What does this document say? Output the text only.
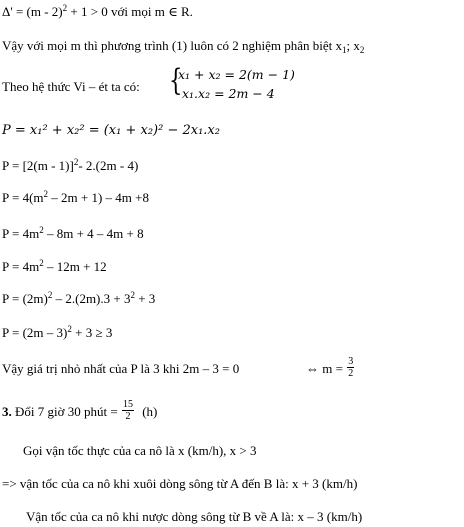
Δ' = (m - 2)$^2$ + 1 > 0 với mọi m ∈ R.
Vậy với mọi m thì phương trình (1) luôn có 2 nghiệm phân biệt $x_1$; $x_2$
Theo hệ thức Vi – ét ta có: {
x₁ + x₂ = 2(m − 1)
x₁.x₂ = 2m − 4
P = x₁² + x₂² = (x₁ + x₂)² − 2x₁.x₂
P = [2(m - 1)]$^2$- 2.(2m - 4)
$P = 4(m^2 - 2m + 1) - 4m +8$
$P = 4m^2 - 8m + 4 - 4m + 8$
$P = 4m^2 - 12m + 12$
$P = (2m)^2 - 2.(2m).3 + 3^2 + 3$
P = (2m – 3)$^2$ + 3 ≥ 3
Vậy giá trị nhỏ nhất của P là 3 khi 2m – 3 = 0	⇔ $m = \frac{3}{2}$
3. Đổi 7 giờ 30 phút = $\frac{15}{2} (h)$
Gọi vận tốc thực của ca nô là x (km/h), x > 3
=> vận tốc của ca nô khi xuôi dòng sông từ A đến B là: x + 3 (km/h)
Vận tốc của ca nô khi nược dòng sông từ B về A là: x – 3 (km/h)
